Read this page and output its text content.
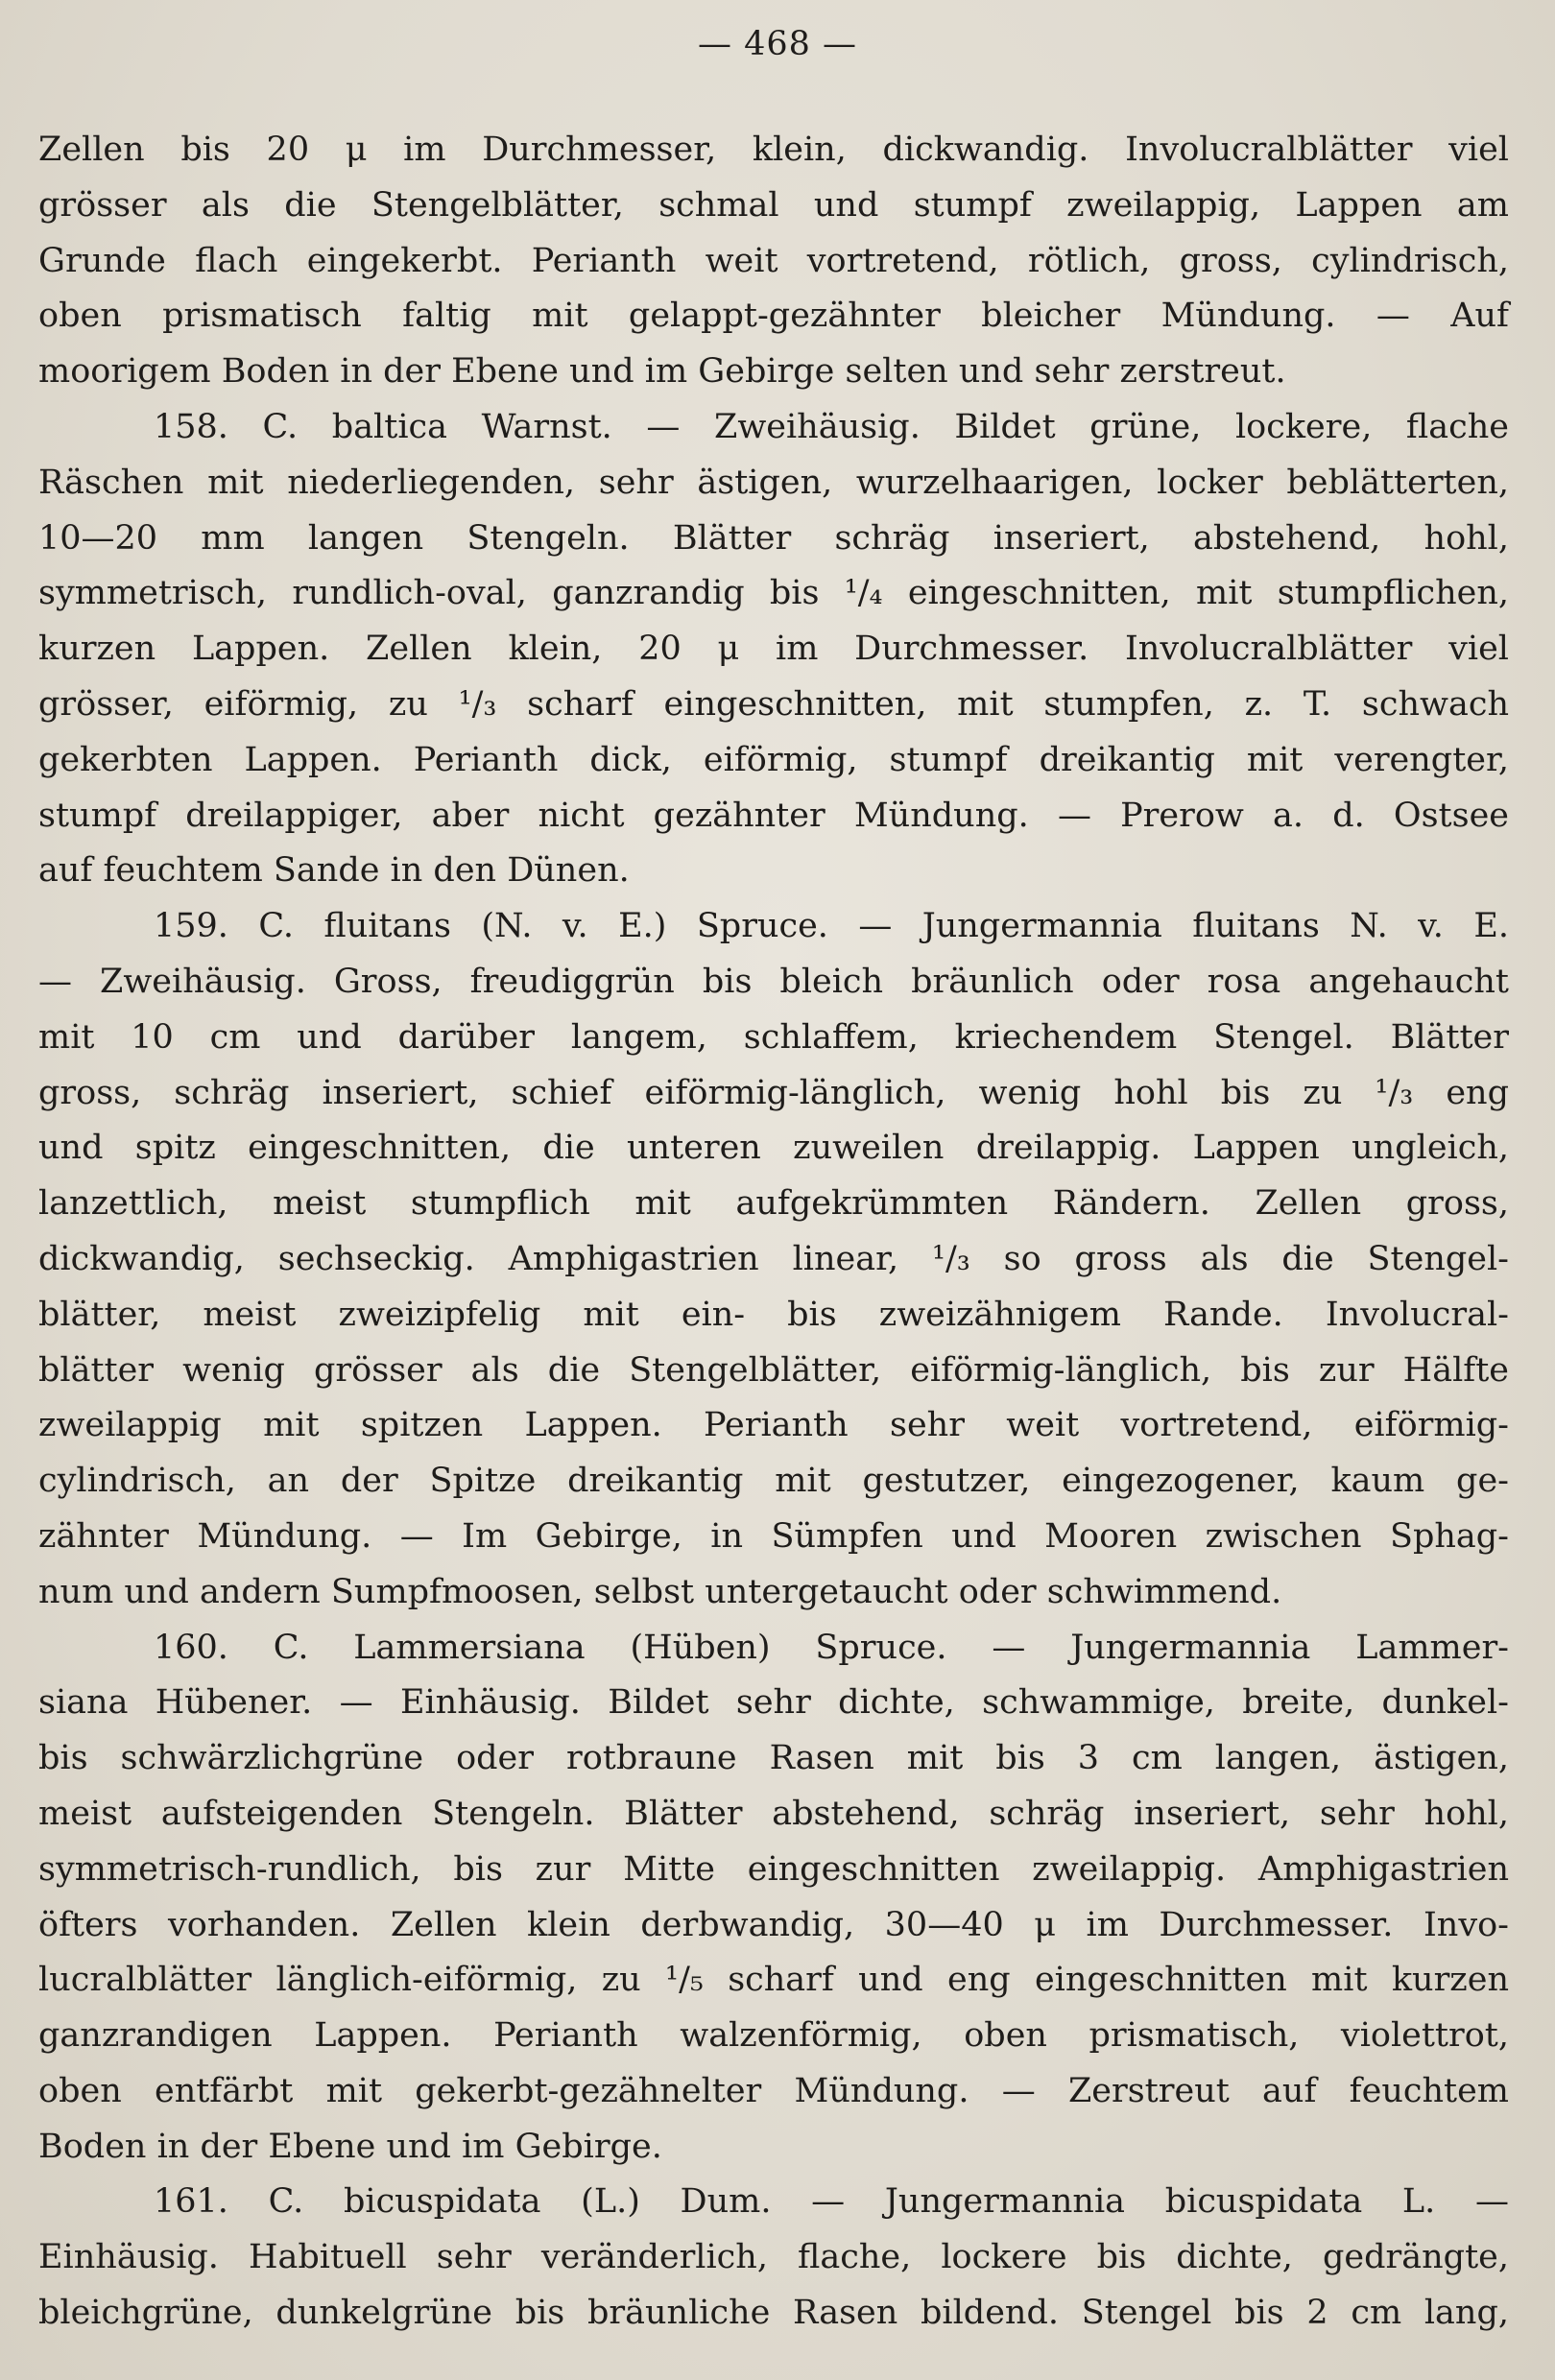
— 468 —
Zellen bis 20 μ im Durchmesser, klein, dickwandig. Involucralblätter viel
grösser als die Stengelblätter, schmal und stumpf zweilappig, Lappen am
Grunde flach eingekerbt. Perianth weit vortretend, rötlich, gross, cylindrisch,
oben prismatisch faltig mit gelappt-gezähnter bleicher Mündung. — Auf
moorigem Boden in der Ebene und im Gebirge selten und sehr zerstreut.
158. C. baltica Warnst. — Zweihäusig. Bildet grüne, lockere, flache
Räschen mit niederliegenden, sehr ästigen, wurzelhaarigen, locker beblätterten,
10—20 mm langen Stengeln. Blätter schräg inseriert, abstehend, hohl,
symmetrisch, rundlich-oval, ganzrandig bis ¹/₄ eingeschnitten, mit stumpflichen,
kurzen Lappen. Zellen klein, 20 μ im Durchmesser. Involucralblätter viel
grösser, eiförmig, zu ¹/₃ scharf eingeschnitten, mit stumpfen, z. T. schwach
gekerbten Lappen. Perianth dick, eiförmig, stumpf dreikantig mit verengter,
stumpf dreilappiger, aber nicht gezähnter Mündung. — Prerow a. d. Ostsee
auf feuchtem Sande in den Dünen.
159. C. fluitans (N. v. E.) Spruce. — Jungermannia fluitans N. v. E.
— Zweihäusig. Gross, freudiggrün bis bleich bräunlich oder rosa angehaucht
mit 10 cm und darüber langem, schlaffem, kriechendem Stengel. Blätter
gross, schräg inseriert, schief eiförmig-länglich, wenig hohl bis zu ¹/₃ eng
und spitz eingeschnitten, die unteren zuweilen dreilappig. Lappen ungleich,
lanzettlich, meist stumpflich mit aufgekrümmten Rändern. Zellen gross,
dickwandig, sechseckig. Amphigastrien linear, ¹/₃ so gross als die Stengel-
blätter, meist zweizipfelig mit ein- bis zweizähnigem Rande. Involucral-
blätter wenig grösser als die Stengelblätter, eiförmig-länglich, bis zur Hälfte
zweilappig mit spitzen Lappen. Perianth sehr weit vortretend, eiförmig-
cylindrisch, an der Spitze dreikantig mit gestutzer, eingezogener, kaum ge-
zähnter Mündung. — Im Gebirge, in Sümpfen und Mooren zwischen Sphag-
num und andern Sumpfmoosen, selbst untergetaucht oder schwimmend.
160. C. Lammersiana (Hüben) Spruce. — Jungermannia Lammer-
siana Hübener. — Einhäusig. Bildet sehr dichte, schwammige, breite, dunkel-
bis schwärzlichgrüne oder rotbraune Rasen mit bis 3 cm langen, ästigen,
meist aufsteigenden Stengeln. Blätter abstehend, schräg inseriert, sehr hohl,
symmetrisch-rundlich, bis zur Mitte eingeschnitten zweilappig. Amphigastrien
öfters vorhanden. Zellen klein derbwandig, 30—40 μ im Durchmesser. Invo-
lucralblätter länglich-eiförmig, zu ¹/₅ scharf und eng eingeschnitten mit kurzen
ganzrandigen Lappen. Perianth walzenförmig, oben prismatisch, violettrot,
oben entfärbt mit gekerbt-gezähnelter Mündung. — Zerstreut auf feuchtem
Boden in der Ebene und im Gebirge.
161. C. bicuspidata (L.) Dum. — Jungermannia bicuspidata L. —
Einhäusig. Habituell sehr veränderlich, flache, lockere bis dichte, gedrängte,
bleichgrüne, dunkelgrüne bis bräunliche Rasen bildend. Stengel bis 2 cm lang,
